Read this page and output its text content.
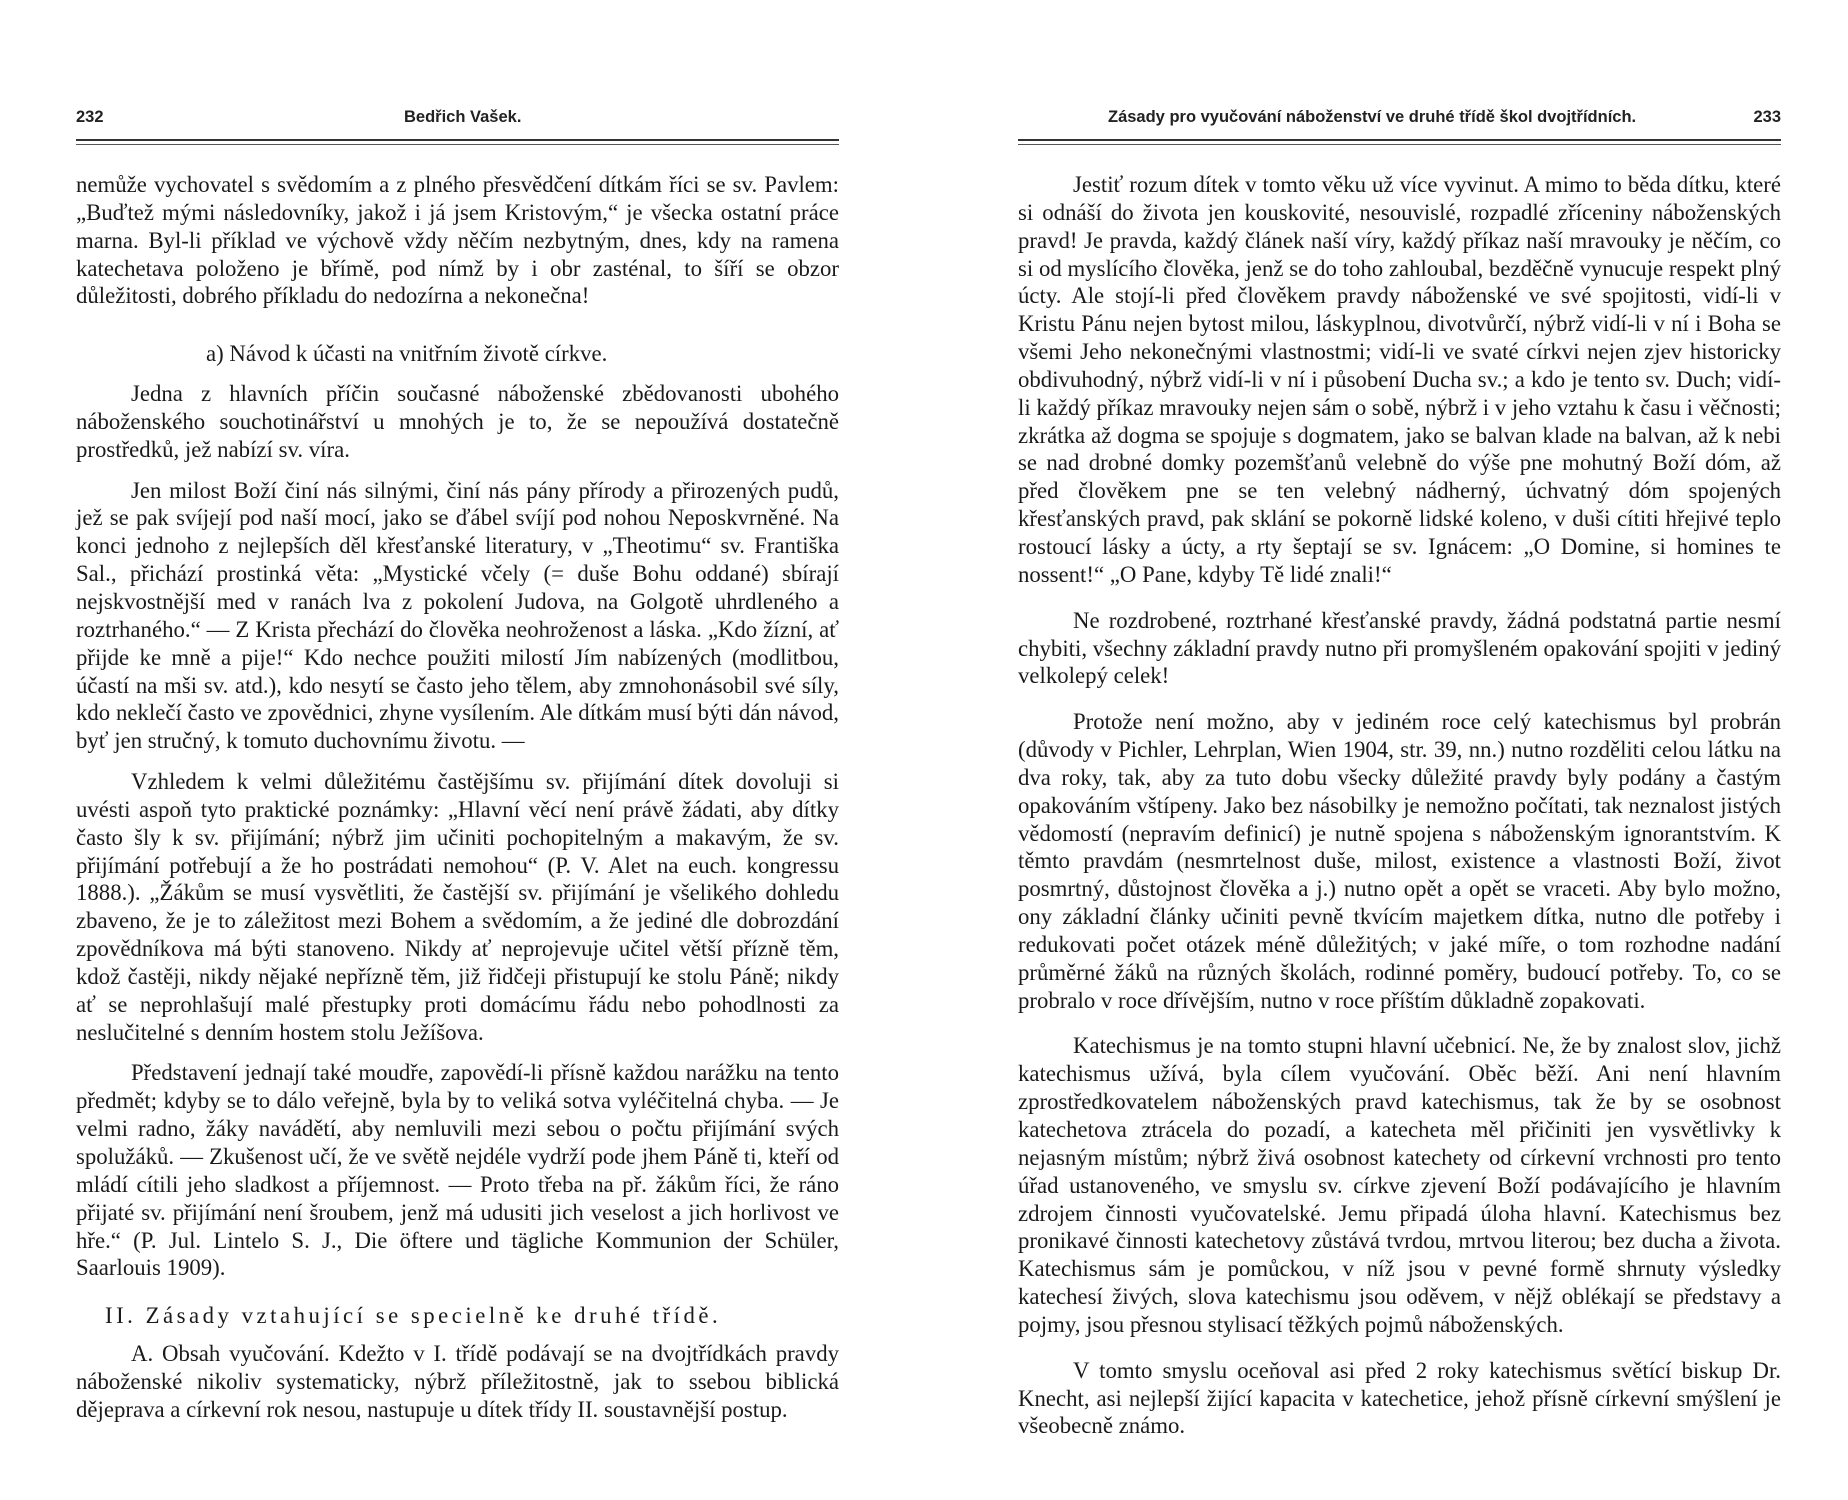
232	Bedřich Vašek.

nemůže vychovatel s svědomím a z plného přesvědčení dítkám říci se sv. Pavlem: „Buďtež mými následovníky, jakož i já jsem Kristovým,“ je všecka ostatní práce marna. Byl-li příklad ve výchově vždy něčím nezbytným, dnes, kdy na ramena katechetava položeno je břímě, pod nímž by i obr zasténal, to šíří se obzor důležitosti, dobrého příkladu do nedozírna a nekonečna!

a) Návod k účasti na vnitřním životě církve.

Jedna z hlavních příčin současné náboženské zbědovanosti ubohého náboženského souchotinářství u mnohých je to, že se nepoužívá dostatečně prostředků, jež nabízí sv. víra.

Jen milost Boží činí nás silnými, činí nás pány přírody a přirozených pudů, jež se pak svíjejí pod naší mocí, jako se ďábel svíjí pod nohou Neposkvrněné. Na konci jednoho z nejlepších děl křesťanské literatury, v „Theotimu“ sv. Františka Sal., přichází prostinká věta: „Mystické včely (= duše Bohu oddané) sbírají nejskvostnější med v ranách lva z pokolení Judova, na Golgotě uhrdleného a roztrhaného.“ — Z Krista přechází do člověka neohroženost a láska. „Kdo žízní, ať přijde ke mně a pije!“ Kdo nechce použiti milostí Jím nabízených (modlitbou, účastí na mši sv. atd.), kdo nesytí se často jeho tělem, aby zmnohonásobil své síly, kdo neklečí často ve zpovědnici, zhyne vysílením. Ale dítkám musí býti dán návod, byť jen stručný, k tomuto duchovnímu životu. —

Vzhledem k velmi důležitému častějšímu sv. přijímání dítek dovoluji si uvésti aspoň tyto praktické poznámky: „Hlavní věcí není právě žádati, aby dítky často šly k sv. přijímání; nýbrž jim učiniti pochopitelným a makavým, že sv. přijímání potřebují a že ho postrádati nemohou“ (P. V. Alet na euch. kongressu 1888.). „Žákům se musí vysvětliti, že častější sv. přijímání je všelikého dohledu zbaveno, že je to záležitost mezi Bohem a svědomím, a že jediné dle dobrozdání zpovědníkova má býti stanoveno. Nikdy ať neprojevuje učitel větší přízně těm, kdož častěji, nikdy nějaké nepřízně těm, již řidčeji přistupují ke stolu Páně; nikdy ať se neprohlašují malé přestupky proti domácímu řádu nebo pohodlnosti za neslučitelné s denním hostem stolu Ježíšova.

Představení jednají také moudře, zapovědí-li přísně každou narážku na tento předmět; kdyby se to dálo veřejně, byla by to veliká sotva vyléčitelná chyba. — Je velmi radno, žáky navádětí, aby nemluvili mezi sebou o počtu přijímání svých spolužáků. — Zkušenost učí, že ve světě nejdéle vydrží pode jhem Páně ti, kteří od mládí cítili jeho sladkost a příjemnost. — Proto třeba na př. žákům říci, že ráno přijaté sv. přijímání není šroubem, jenž má udusiti jich veselost a jich horlivost ve hře.“ (P. Jul. Lintelo S. J., Die öftere und tägliche Kommunion der Schüler, Saarlouis 1909).

II. Zásady vztahující se specielně ke druhé třídě.

A. Obsah vyučování. Kdežto v I. třídě podávají se na dvojtřídkách pravdy náboženské nikoliv systematicky, nýbrž příležitostně, jak to ssebou biblická dějeprava a církevní rok nesou, nastupuje u dítek třídy II. soustavnější postup.

Zásady pro vyučování náboženství ve druhé třídě škol dvojtřídních.	233

Jestiť rozum dítek v tomto věku už více vyvinut. A mimo to běda dítku, které si odnáší do života jen kouskovité, nesouvislé, rozpadlé zříceniny náboženských pravd! Je pravda, každý článek naší víry, každý příkaz naší mravouky je něčím, co si od myslícího člověka, jenž se do toho zahloubal, bezděčně vynucuje respekt plný úcty. Ale stojí-li před člověkem pravdy náboženské ve své spojitosti, vidí-li v Kristu Pánu nejen bytost milou, láskyplnou, divotvůrčí, nýbrž vidí-li v ní i Boha se všemi Jeho nekonečnými vlastnostmi; vidí-li ve svaté církvi nejen zjev historicky obdivuhodný, nýbrž vidí-li v ní i působení Ducha sv.; a kdo je tento sv. Duch; vidí-li každý příkaz mravouky nejen sám o sobě, nýbrž i v jeho vztahu k času i věčnosti; zkrátka až dogma se spojuje s dogmatem, jako se balvan klade na balvan, až k nebi se nad drobné domky pozemšťanů velebně do výše pne mohutný Boží dóm, až před člověkem pne se ten velebný nádherný, úchvatný dóm spojených křesťanských pravd, pak sklání se pokorně lidské koleno, v duši cítiti hřejivé teplo rostoucí lásky a úcty, a rty šeptají se sv. Ignácem: „O Domine, si homines te nossent!“ „O Pane, kdyby Tě lidé znali!“

Ne rozdrobené, roztrhané křesťanské pravdy, žádná podstatná partie nesmí chybiti, všechny základní pravdy nutno při promyšleném opakování spojiti v jediný velkolepý celek!

Protože není možno, aby v jediném roce celý katechismus byl probrán (důvody v Pichler, Lehrplan, Wien 1904, str. 39, nn.) nutno rozděliti celou látku na dva roky, tak, aby za tuto dobu všecky důležité pravdy byly podány a častým opakováním vštípeny. Jako bez násobilky je nemožno počítati, tak neznalost jistých vědomostí (nepravím definicí) je nutně spojena s náboženským ignorantstvím. K těmto pravdám (nesmrtelnost duše, milost, existence a vlastnosti Boží, život posmrtný, důstojnost člověka a j.) nutno opět a opět se vraceti. Aby bylo možno, ony základní články učiniti pevně tkvícím majetkem dítka, nutno dle potřeby i redukovati počet otázek méně důležitých; v jaké míře, o tom rozhodne nadání průměrné žáků na různých školách, rodinné poměry, budoucí potřeby. To, co se probralo v roce dřívějším, nutno v roce příštím důkladně zopakovati.

Katechismus je na tomto stupni hlavní učebnicí. Ne, že by znalost slov, jichž katechismus užívá, byla cílem vyučování. Oběc běží. Ani není hlavním zprostředkovatelem náboženských pravd katechismus, tak že by se osobnost katechetova ztrácela do pozadí, a katecheta měl přičiniti jen vysvětlivky k nejasným místům; nýbrž živá osobnost katechety od církevní vrchnosti pro tento úřad ustanoveného, ve smyslu sv. církve zjevení Boží podávajícího je hlavním zdrojem činnosti vyučovatelské. Jemu připadá úloha hlavní. Katechismus bez pronikavé činnosti katechetovy zůstává tvrdou, mrtvou literou; bez ducha a života. Katechismus sám je pomůckou, v níž jsou v pevné formě shrnuty výsledky katechesí živých, slova katechismu jsou oděvem, v nějž oblékají se představy a pojmy, jsou přesnou stylisací těžkých pojmů náboženských.

V tomto smyslu oceňoval asi před 2 roky katechismus světící biskup Dr. Knecht, asi nejlepší žijící kapacita v katechetice, jehož přísně církevní smýšlení je všeobecně známo.
